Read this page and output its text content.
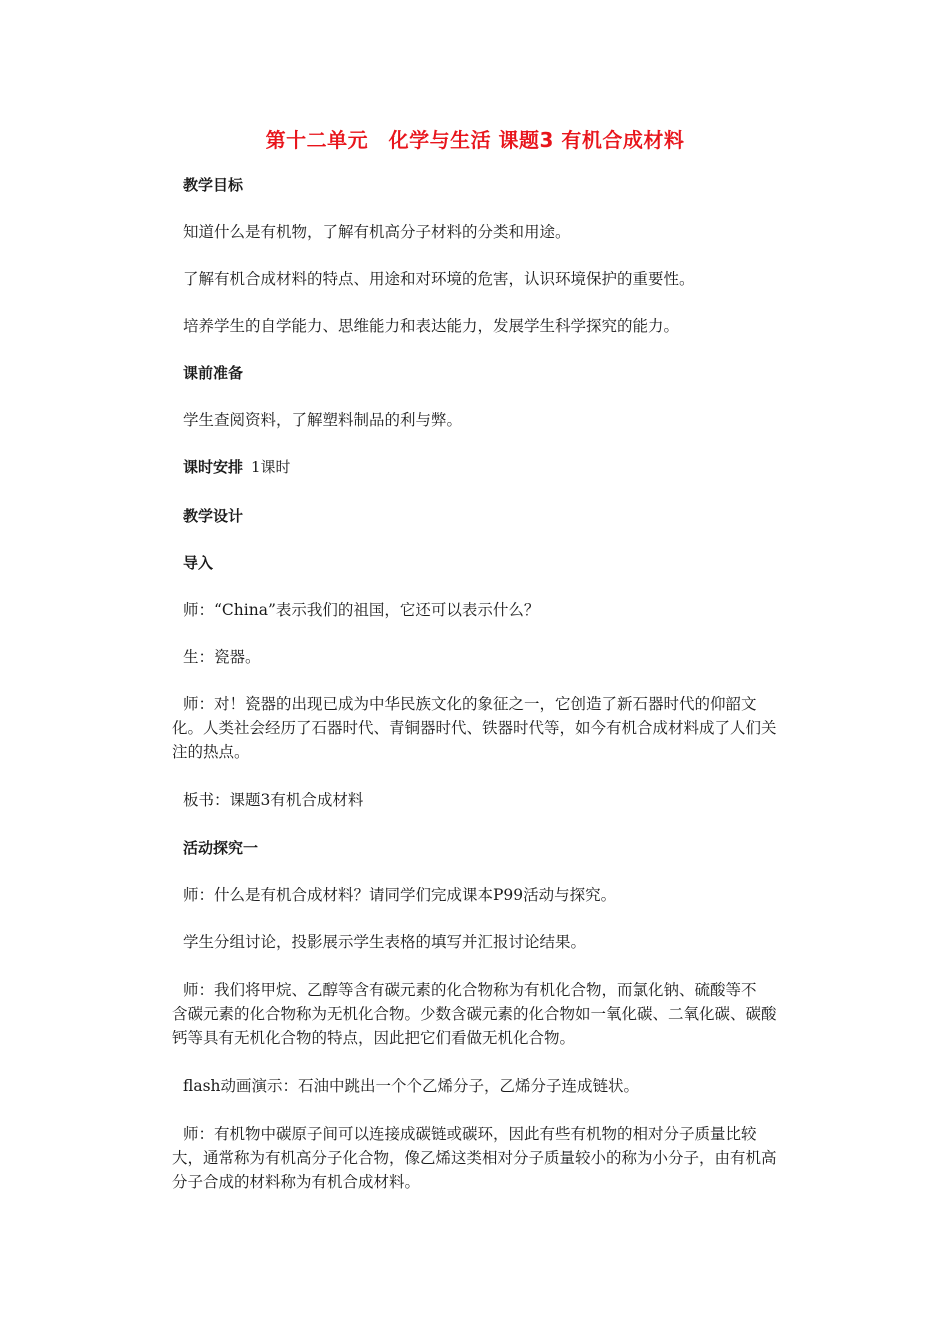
第十二单元　化学与生活 课题3 有机合成材料
教学目标
知道什么是有机物，了解有机高分子材料的分类和用途。
了解有机合成材料的特点、用途和对环境的危害，认识环境保护的重要性。
培养学生的自学能力、思维能力和表达能力，发展学生科学探究的能力。
课前准备
学生查阅资料，了解塑料制品的利与弊。
课时安排 1课时
教学设计
导入
师：“China”表示我们的祖国，它还可以表示什么？
生：瓷器。
师：对！瓷器的出现已成为中华民族文化的象征之一，它创造了新石器时代的仰韶文
化。人类社会经历了石器时代、青铜器时代、铁器时代等，如今有机合成材料成了人们关
注的热点。
板书：课题3有机合成材料
活动探究一
师：什么是有机合成材料？请同学们完成课本P99活动与探究。
学生分组讨论，投影展示学生表格的填写并汇报讨论结果。
师：我们将甲烷、乙醇等含有碳元素的化合物称为有机化合物，而氯化钠、硫酸等不
含碳元素的化合物称为无机化合物。少数含碳元素的化合物如一氧化碳、二氧化碳、碳酸
钙等具有无机化合物的特点，因此把它们看做无机化合物。
flash动画演示：石油中跳出一个个乙烯分子，乙烯分子连成链状。
师：有机物中碳原子间可以连接成碳链或碳环，因此有些有机物的相对分子质量比较
大，通常称为有机高分子化合物，像乙烯这类相对分子质量较小的称为小分子，由有机高
分子合成的材料称为有机合成材料。
